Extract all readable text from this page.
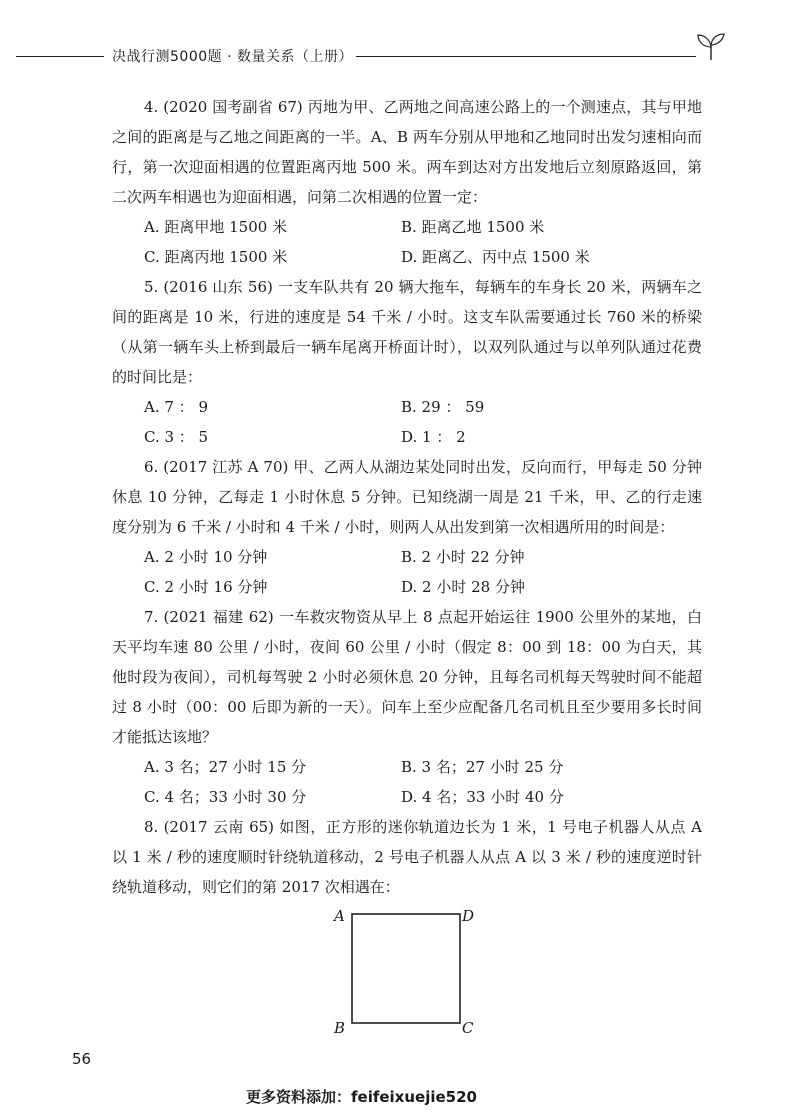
决战行测5000题 · 数量关系（上册）

4. (2020 国考副省 67) 丙地为甲、乙两地之间高速公路上的一个测速点，其与甲地之间的距离是与乙地之间距离的一半。A、B 两车分别从甲地和乙地同时出发匀速相向而行，第一次迎面相遇的位置距离丙地 500 米。两车到达对方出发地后立刻原路返回，第二次两车相遇也为迎面相遇，问第二次相遇的位置一定：

A. 距离甲地 1500 米	B. 距离乙地 1500 米
C. 距离丙地 1500 米	D. 距离乙、丙中点 1500 米

5. (2016 山东 56) 一支车队共有 20 辆大拖车，每辆车的车身长 20 米，两辆车之间的距离是 10 米，行进的速度是 54 千米 / 小时。这支车队需要通过长 760 米的桥梁（从第一辆车头上桥到最后一辆车尾离开桥面计时），以双列队通过与以单列队通过花费的时间比是：

A. 7 ： 9	B. 29 ： 59
C. 3 ： 5	D. 1 ： 2

6. (2017 江苏 A 70) 甲、乙两人从湖边某处同时出发，反向而行，甲每走 50 分钟休息 10 分钟，乙每走 1 小时休息 5 分钟。已知绕湖一周是 21 千米，甲、乙的行走速度分别为 6 千米 / 小时和 4 千米 / 小时，则两人从出发到第一次相遇所用的时间是：

A. 2 小时 10 分钟	B. 2 小时 22 分钟
C. 2 小时 16 分钟	D. 2 小时 28 分钟

7. (2021 福建 62) 一车救灾物资从早上 8 点起开始运往 1900 公里外的某地，白天平均车速 80 公里 / 小时，夜间 60 公里 / 小时（假定 8：00 到 18：00 为白天，其他时段为夜间），司机每驾驶 2 小时必须休息 20 分钟，且每名司机每天驾驶时间不能超过 8 小时（00：00 后即为新的一天）。问车上至少应配备几名司机且至少要用多长时间才能抵达该地？

A. 3 名；27 小时 15 分	B. 3 名；27 小时 25 分
C. 4 名；33 小时 30 分	D. 4 名；33 小时 40 分

8. (2017 云南 65) 如图，正方形的迷你轨道边长为 1 米，1 号电子机器人从点 A 以 1 米 / 秒的速度顺时针绕轨道移动，2 号电子机器人从点 A 以 3 米 / 秒的速度逆时针绕轨道移动，则它们的第 2017 次相遇在：

A	D
B	C
56
更多资料添加：feifeixuejie520
